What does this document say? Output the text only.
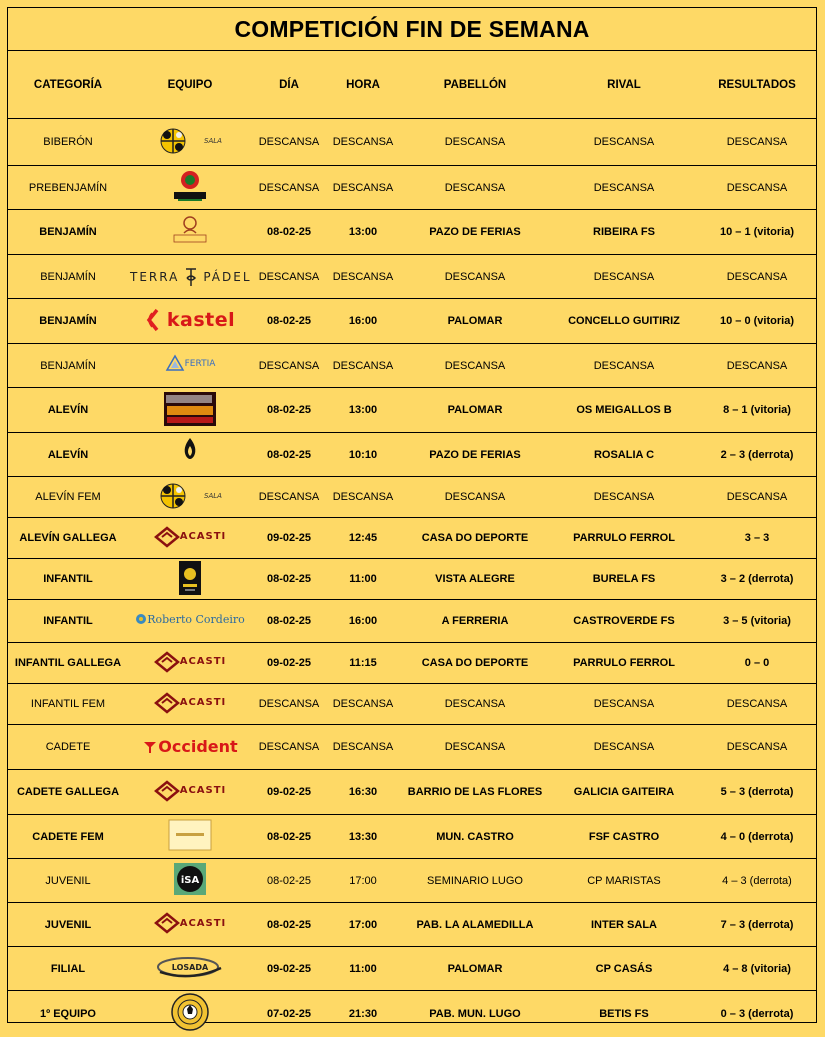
COMPETICIÓN FIN DE SEMANA
CATEGORÍA	EQUIPO	DÍA	HORA	PABELLÓN	RIVAL	RESULTADOS
BIBERÓN	SALA	DESCANSA	DESCANSA	DESCANSA	DESCANSA	DESCANSA
PREBENJAMÍN		DESCANSA	DESCANSA	DESCANSA	DESCANSA	DESCANSA
BENJAMÍN		08-02-25	13:00	PAZO DE FERIAS	RIBEIRA FS	10 – 1 (vitoria)
BENJAMÍN	TERRA PÁDEL	DESCANSA	DESCANSA	DESCANSA	DESCANSA	DESCANSA
BENJAMÍN	kastel	08-02-25	16:00	PALOMAR	CONCELLO GUITIRIZ	10 – 0 (vitoria)
BENJAMÍN	FERTIA	DESCANSA	DESCANSA	DESCANSA	DESCANSA	DESCANSA
ALEVÍN		08-02-25	13:00	PALOMAR	OS MEIGALLOS B	8 – 1 (vitoria)
ALEVÍN		08-02-25	10:10	PAZO DE FERIAS	ROSALIA C	2 – 3 (derrota)
ALEVÍN FEM	SALA	DESCANSA	DESCANSA	DESCANSA	DESCANSA	DESCANSA
ALEVÍN GALLEGA	ACASTI	09-02-25	12:45	CASA DO DEPORTE	PARRULO FERROL	3 – 3
INFANTIL		08-02-25	11:00	VISTA ALEGRE	BURELA FS	3 – 2 (derrota)
INFANTIL	Roberto Cordeiro	08-02-25	16:00	A FERRERIA	CASTROVERDE FS	3 – 5 (vitoria)
INFANTIL GALLEGA	ACASTI	09-02-25	11:15	CASA DO DEPORTE	PARRULO FERROL	0 – 0
INFANTIL FEM	ACASTI	DESCANSA	DESCANSA	DESCANSA	DESCANSA	DESCANSA
CADETE	Occident	DESCANSA	DESCANSA	DESCANSA	DESCANSA	DESCANSA
CADETE GALLEGA	ACASTI	09-02-25	16:30	BARRIO DE LAS FLORES	GALICIA GAITEIRA	5 – 3 (derrota)
CADETE FEM		08-02-25	13:30	MUN. CASTRO	FSF CASTRO	4 – 0 (derrota)
JUVENIL	iSA	08-02-25	17:00	SEMINARIO LUGO	CP MARISTAS	4 – 3 (derrota)
JUVENIL	ACASTI	08-02-25	17:00	PAB. LA ALAMEDILLA	INTER SALA	7 – 3 (derrota)
FILIAL	LOSADA	09-02-25	11:00	PALOMAR	CP CASÁS	4 – 8 (vitoria)
1º EQUIPO		07-02-25	21:30	PAB. MUN. LUGO	BETIS FS	0 – 3 (derrota)
